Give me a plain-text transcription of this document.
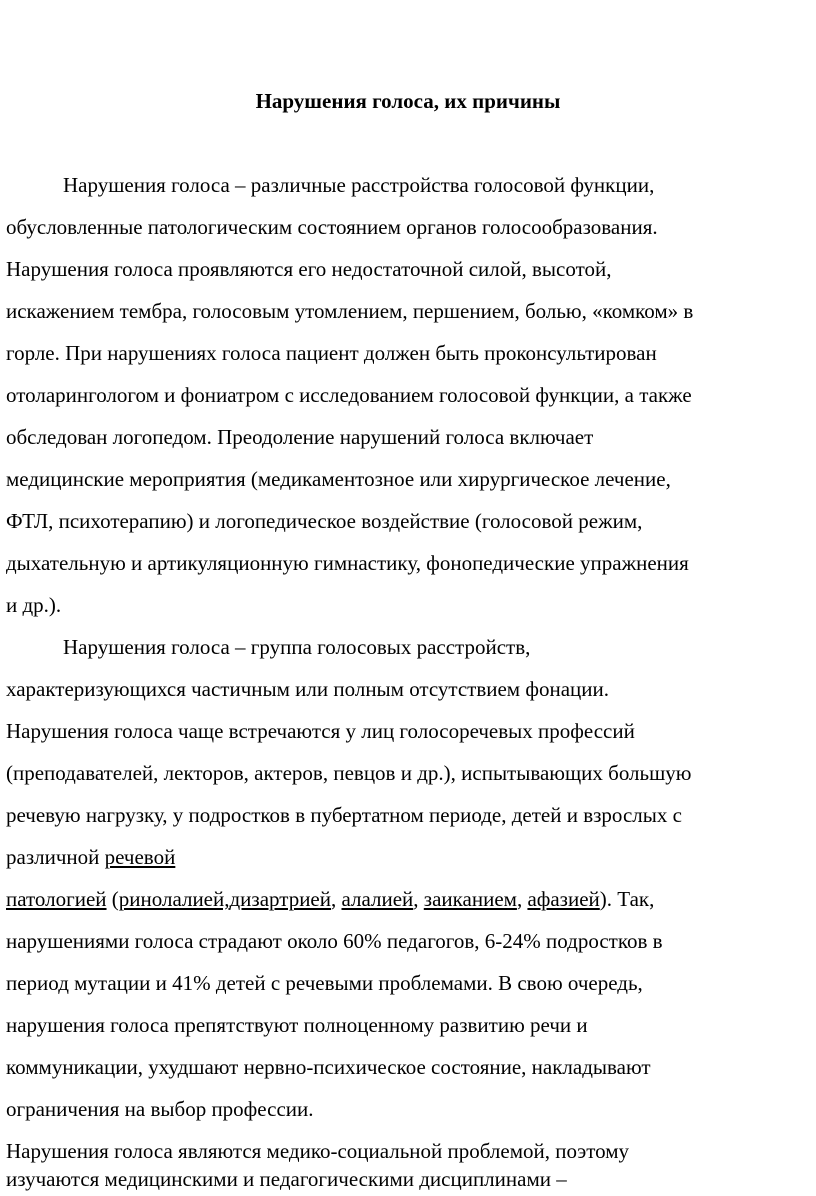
Нарушения голоса, их причины
Нарушения голоса – различные расстройства голосовой функции,
обусловленные патологическим состоянием органов голосообразования.
Нарушения голоса проявляются его недостаточной силой, высотой,
искажением тембра, голосовым утомлением, першением, болью, «комком» в
горле. При нарушениях голоса пациент должен быть проконсультирован
отоларингологом и фониатром с исследованием голосовой функции, а также
обследован логопедом. Преодоление нарушений голоса включает
медицинские мероприятия (медикаментозное или хирургическое лечение,
ФТЛ, психотерапию) и логопедическое воздействие (голосовой режим,
дыхательную и артикуляционную гимнастику, фонопедические упражнения
и др.).
Нарушения голоса – группа голосовых расстройств,
характеризующихся частичным или полным отсутствием фонации.
Нарушения голоса чаще встречаются у лиц голосоречевых профессий
(преподавателей, лекторов, актеров, певцов и др.), испытывающих большую
речевую нагрузку, у подростков в пубертатном периоде, детей и взрослых с
различной речевой
патологией (ринолалией,дизартрией, алалией, заиканием, афазией). Так,
нарушениями голоса страдают около 60% педагогов, 6-24% подростков в
период мутации и 41% детей с речевыми проблемами. В свою очередь,
нарушения голоса препятствуют полноценному развитию речи и
коммуникации, ухудшают нервно-психическое состояние, накладывают
ограничения на выбор профессии.
Нарушения голоса являются медико-социальной проблемой, поэтому
изучаются медицинскими и педагогическими дисциплинами –
